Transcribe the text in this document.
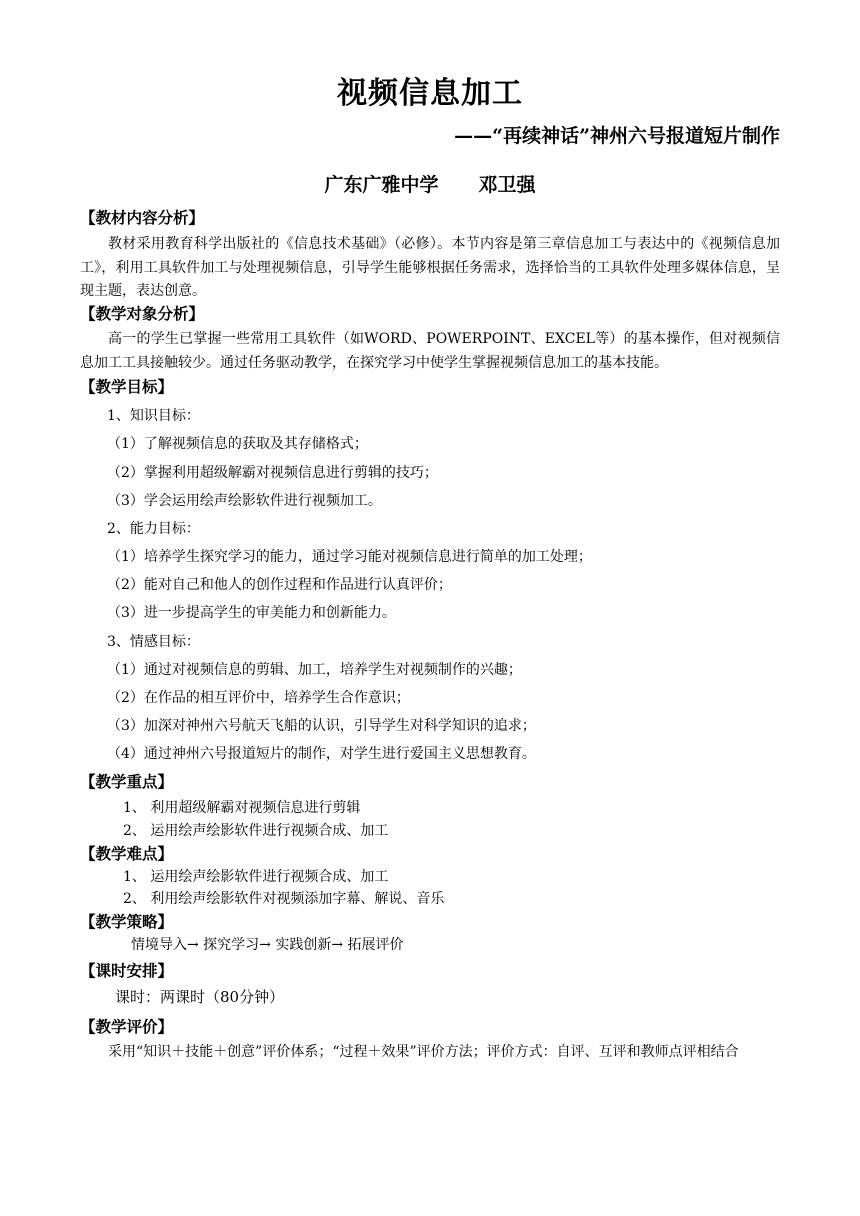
视频信息加工
——“再续神话”神州六号报道短片制作
广东广雅中学 邓卫强
【教材内容分析】
教材采用教育科学出版社的《信息技术基础》（必修）。本节内容是第三章信息加工与表达中的《视频信息加工》，利用工具软件加工与处理视频信息，引导学生能够根据任务需求，选择恰当的工具软件处理多媒体信息，呈现主题，表达创意。
【教学对象分析】
高一的学生已掌握一些常用工具软件（如WORD、POWERPOINT、EXCEL等）的基本操作，但对视频信息加工工具接触较少。通过任务驱动教学，在探究学习中使学生掌握视频信息加工的基本技能。
【教学目标】
1、知识目标：
（1）了解视频信息的获取及其存储格式；
（2）掌握利用超级解霸对视频信息进行剪辑的技巧；
（3）学会运用绘声绘影软件进行视频加工。
2、能力目标：
（1）培养学生探究学习的能力，通过学习能对视频信息进行简单的加工处理；
（2）能对自己和他人的创作过程和作品进行认真评价；
（3）进一步提高学生的审美能力和创新能力。
3、情感目标：
（1）通过对视频信息的剪辑、加工，培养学生对视频制作的兴趣；
（2）在作品的相互评价中，培养学生合作意识；
（3）加深对神州六号航天飞船的认识，引导学生对科学知识的追求；
（4）通过神州六号报道短片的制作，对学生进行爱国主义思想教育。
【教学重点】
1、 利用超级解霸对视频信息进行剪辑
2、 运用绘声绘影软件进行视频合成、加工
【教学难点】
1、 运用绘声绘影软件进行视频合成、加工
2、 利用绘声绘影软件对视频添加字幕、解说、音乐
【教学策略】
情境导入→ 探究学习→ 实践创新→ 拓展评价
【课时安排】
课时：两课时（80分钟）
【教学评价】
采用“知识＋技能＋创意”评价体系；“过程＋效果”评价方法；评价方式：自评、互评和教师点评相结合
